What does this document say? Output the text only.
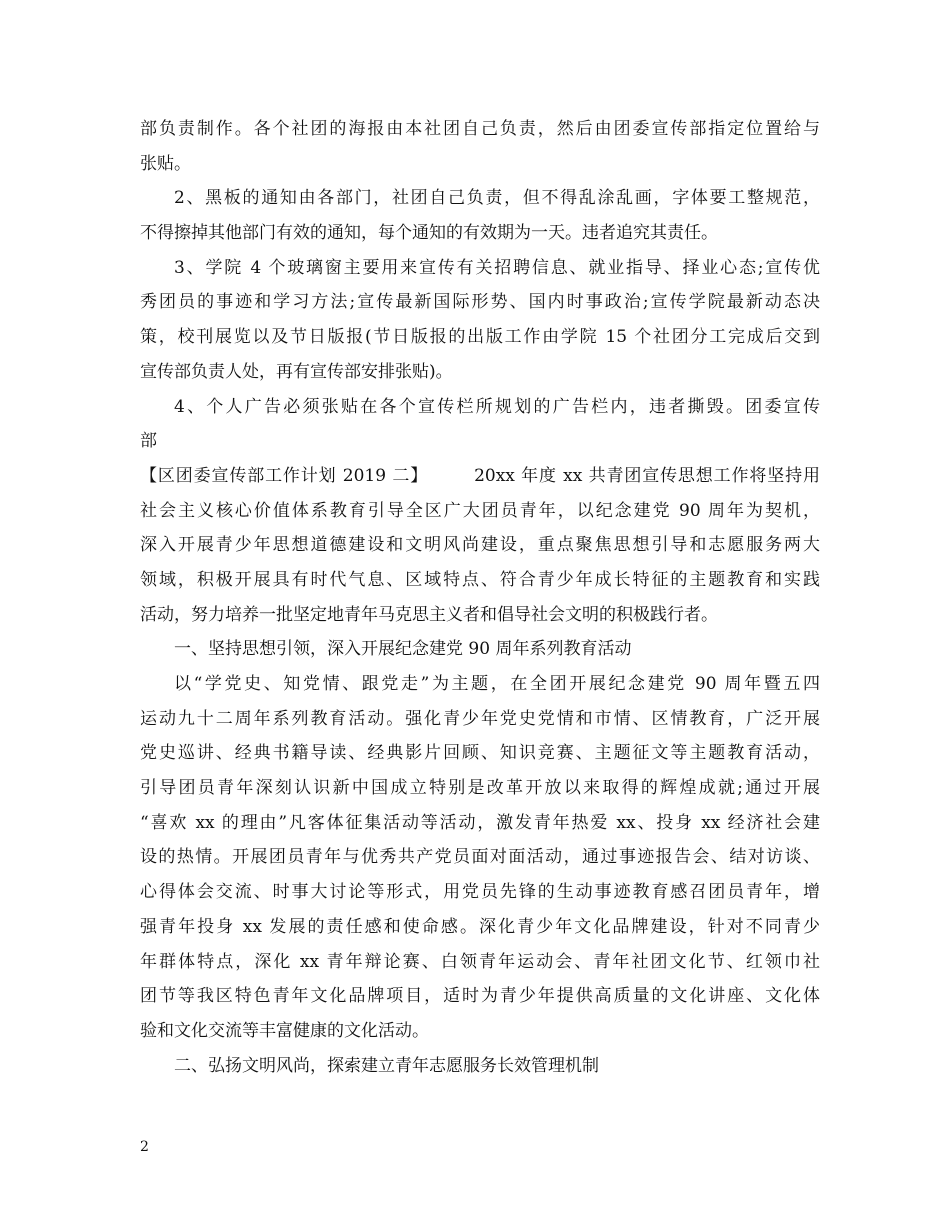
部负责制作。各个社团的海报由本社团自己负责，然后由团委宣传部指定位置给与
张贴。
2、黑板的通知由各部门，社团自己负责，但不得乱涂乱画，字体要工整规范，
不得擦掉其他部门有效的通知，每个通知的有效期为一天。违者追究其责任。
3、学院 4 个玻璃窗主要用来宣传有关招聘信息、就业指导、择业心态;宣传优
秀团员的事迹和学习方法;宣传最新国际形势、国内时事政治;宣传学院最新动态决
策，校刊展览以及节日版报(节日版报的出版工作由学院 15 个社团分工完成后交到
宣传部负责人处，再有宣传部安排张贴)。
4、个人广告必须张贴在各个宣传栏所规划的广告栏内，违者撕毁。团委宣传
部
【区团委宣传部工作计划 2019 二】	20xx 年度 xx 共青团宣传思想工作将坚持用
社会主义核心价值体系教育引导全区广大团员青年，以纪念建党 90 周年为契机，
深入开展青少年思想道德建设和文明风尚建设，重点聚焦思想引导和志愿服务两大
领域，积极开展具有时代气息、区域特点、符合青少年成长特征的主题教育和实践
活动，努力培养一批坚定地青年马克思主义者和倡导社会文明的积极践行者。
一、坚持思想引领，深入开展纪念建党 90 周年系列教育活动
以“学党史、知党情、跟党走”为主题，在全团开展纪念建党 90 周年暨五四
运动九十二周年系列教育活动。强化青少年党史党情和市情、区情教育，广泛开展
党史巡讲、经典书籍导读、经典影片回顾、知识竞赛、主题征文等主题教育活动，
引导团员青年深刻认识新中国成立特别是改革开放以来取得的辉煌成就;通过开展
“喜欢 xx 的理由”凡客体征集活动等活动，激发青年热爱 xx、投身 xx 经济社会建
设的热情。开展团员青年与优秀共产党员面对面活动，通过事迹报告会、结对访谈、
心得体会交流、时事大讨论等形式，用党员先锋的生动事迹教育感召团员青年，增
强青年投身 xx 发展的责任感和使命感。深化青少年文化品牌建设，针对不同青少
年群体特点，深化 xx 青年辩论赛、白领青年运动会、青年社团文化节、红领巾社
团节等我区特色青年文化品牌项目，适时为青少年提供高质量的文化讲座、文化体
验和文化交流等丰富健康的文化活动。
二、弘扬文明风尚，探索建立青年志愿服务长效管理机制
2
